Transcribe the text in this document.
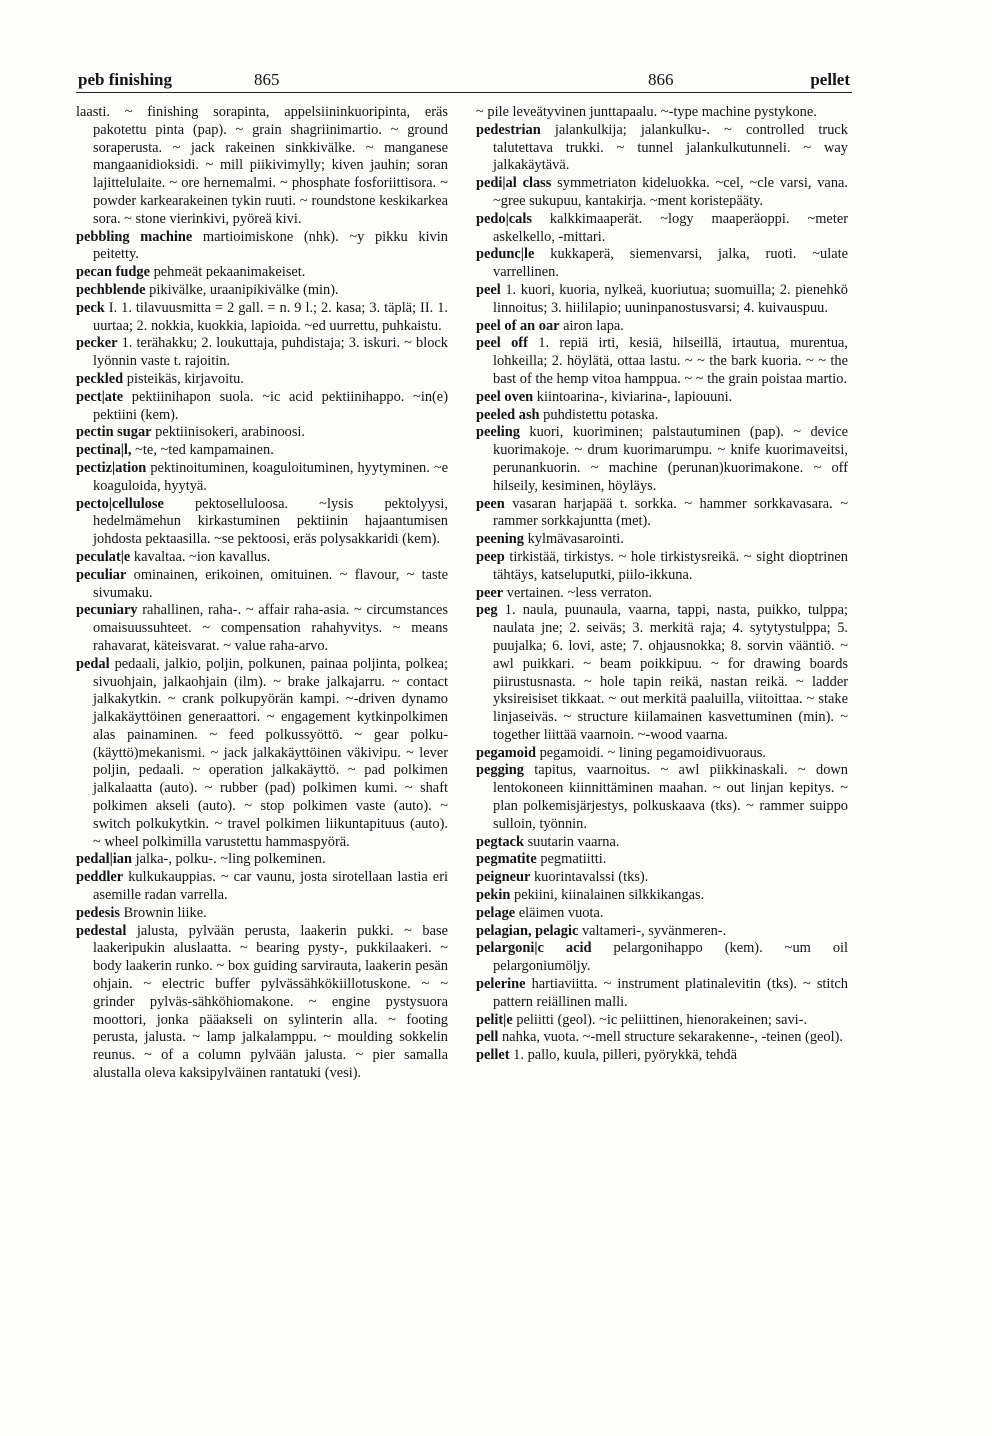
peb finishing	865	866	pellet

laasti. ~ finishing sorapinta, appelsiininkuoripinta, eräs pakotettu pinta (pap). ~ grain shagriinimartio. ~ ground soraperusta. ~ jack rakeinen sinkkivälke. ~ manganese mangaanidioksidi. ~ mill piikivimylly; kiven jauhin; soran lajittelulaite. ~ ore hernemalmi. ~ phosphate fosforiittisora. ~ powder karkearakeinen tykin ruuti. ~ roundstone keskikarkea sora. ~ stone vierinkivi, pyöreä kivi.

pebbling machine martioimiskone (nhk). ~y pikku kivin peitetty.

pecan fudge pehmeät pekaanimakeiset.

pechblende pikivälke, uraanipikivälke (min).

peck I. 1. tilavuusmitta = 2 gall. = n. 9 l.; 2. kasa; 3. täplä; II. 1. uurtaa; 2. nokkia, kuokkia, lapioida. ~ed uurrettu, puhkaistu.

pecker 1. terähakku; 2. loukuttaja, puhdistaja; 3. iskuri. ~ block lyönnin vaste t. rajoitin.

peckled pisteikäs, kirjavoitu.

pect|ate pektiinihapon suola. ~ic acid pektiinihappo. ~in(e) pektiini (kem).

pectin sugar pektiinisokeri, arabinoosi.

pectina|l, ~te, ~ted kampamainen.

pectiz|ation pektinoituminen, koaguloituminen, hyytyminen. ~e koaguloida, hyytyä.

pecto|cellulose pektoselluloosa. ~lysis pektolyysi, hedelmämehun kirkastuminen pektiinin hajaantumisen johdosta pektaasilla. ~se pektoosi, eräs polysakkaridi (kem).

peculat|e kavaltaa. ~ion kavallus.

peculiar ominainen, erikoinen, omituinen. ~ flavour, ~ taste sivumaku.

pecuniary rahallinen, raha-. ~ affair raha-asia. ~ circumstances omaisuussuhteet. ~ compensation rahahyvitys. ~ means rahavarat, käteisvarat. ~ value raha-arvo.

pedal pedaali, jalkio, poljin, polkunen, painaa poljinta, polkea; sivuohjain, jalkaohjain (ilm). ~ brake jalkajarru. ~ contact jalkakytkin. ~ crank polkupyörän kampi. ~-driven dynamo jalkakäyttöinen generaattori. ~ engagement kytkinpolkimen alas painaminen. ~ feed polkussyöttö. ~ gear polku-(käyttö)mekanismi. ~ jack jalkakäyttöinen väkivipu. ~ lever poljin, pedaali. ~ operation jalkakäyttö. ~ pad polkimen jalkalaatta (auto). ~ rubber (pad) polkimen kumi. ~ shaft polkimen akseli (auto). ~ stop polkimen vaste (auto). ~ switch polkukytkin. ~ travel polkimen liikuntapituus (auto). ~ wheel polkimilla varustettu hammaspyörä.

pedal|ian jalka-, polku-. ~ling polkeminen.

peddler kulkukauppias. ~ car vaunu, josta sirotellaan lastia eri asemille radan varrella.

pedesis Brownin liike.

pedestal jalusta, pylvään perusta, laakerin pukki. ~ base laakeripukin aluslaatta. ~ bearing pysty-, pukkilaakeri. ~ body laakerin runko. ~ box guiding sarvirauta, laakerin pesän ohjain. ~ electric buffer pylvässähkökiillotuskone. ~ ~ grinder pylväs-sähköhiomakone. ~ engine pystysuora moottori, jonka pääakseli on sylinterin alla. ~ footing perusta, jalusta. ~ lamp jalkalamppu. ~ moulding sokkelin reunus. ~ of a column pylvään jalusta. ~ pier samalla alustalla oleva kaksipylväinen rantatuki (vesi).

~ pile leveätyvinen junttapaalu. ~-type machine pystykone.

pedestrian jalankulkija; jalankulku-. ~ controlled truck talutettava trukki. ~ tunnel jalankulkutunneli. ~ way jalkakäytävä.

pedi|al class symmetriaton kideluokka. ~cel, ~cle varsi, vana. ~gree sukupuu, kantakirja. ~ment koristepääty.

pedo|cals kalkkimaaperät. ~logy maaperäoppi. ~meter askelkello, -mittari.

pedunc|le kukkaperä, siemenvarsi, jalka, ruoti. ~ulate varrellinen.

peel 1. kuori, kuoria, nylkeä, kuoriutua; suomuilla; 2. pienehkö linnoitus; 3. hiililapio; uuninpanostusvarsi; 4. kuivauspuu.

peel of an oar airon lapa.

peel off 1. repiä irti, kesiä, hilseillä, irtautua, murentua, lohkeilla; 2. höylätä, ottaa lastu. ~ ~ the bark kuoria. ~ ~ the bast of the hemp vitoa hamppua. ~ ~ the grain poistaa martio.

peel oven kiintoarina-, kiviarina-, lapiouuni.

peeled ash puhdistettu potaska.

peeling kuori, kuoriminen; palstautuminen (pap). ~ device kuorimakoje. ~ drum kuorimarumpu. ~ knife kuorimaveitsi, perunankuorin. ~ machine (perunan)kuorimakone. ~ off hilseily, kesiminen, höyläys.

peen vasaran harjapää t. sorkka. ~ hammer sorkkavasara. ~ rammer sorkkajuntta (met).

peening kylmävasarointi.

peep tirkistää, tirkistys. ~ hole tirkistysreikä. ~ sight dioptrinen tähtäys, katseluputki, piilo-ikkuna.

peer vertainen. ~less verraton.

peg 1. naula, puunaula, vaarna, tappi, nasta, puikko, tulppa; naulata jne; 2. seiväs; 3. merkitä raja; 4. sytytystulppa; 5. puujalka; 6. lovi, aste; 7. ohjausnokka; 8. sorvin vääntiö. ~ awl puikkari. ~ beam poikkipuu. ~ for drawing boards piirustusnasta. ~ hole tapin reikä, nastan reikä. ~ ladder yksireisiset tikkaat. ~ out merkitä paaluilla, viitoittaa. ~ stake linjaseiväs. ~ structure kiilamainen kasvettuminen (min). ~ together liittää vaarnoin. ~-wood vaarna.

pegamoid pegamoidi. ~ lining pegamoidivuoraus.

pegging tapitus, vaarnoitus. ~ awl piikkinaskali. ~ down lentokoneen kiinnittäminen maahan. ~ out linjan kepitys. ~ plan polkemisjärjestys, polkuskaava (tks). ~ rammer suippo sulloin, työnnin.

pegtack suutarin vaarna.

pegmatite pegmatiitti.

peigneur kuorintavalssi (tks).

pekin pekiini, kiinalainen silkkikangas.

pelage eläimen vuota.

pelagian, pelagic valtameri-, syvänmeren-.

pelargoni|c acid pelargonihappo (kem). ~um oil pelargoniumöljy.

pelerine hartiaviitta. ~ instrument platinalevitin (tks). ~ stitch pattern reiällinen malli.

pelit|e peliitti (geol). ~ic peliittinen, hienorakeinen; savi-.

pell nahka, vuota. ~-mell structure sekarakenne-, -teinen (geol).

pellet 1. pallo, kuula, pilleri, pyörykkä, tehdä
